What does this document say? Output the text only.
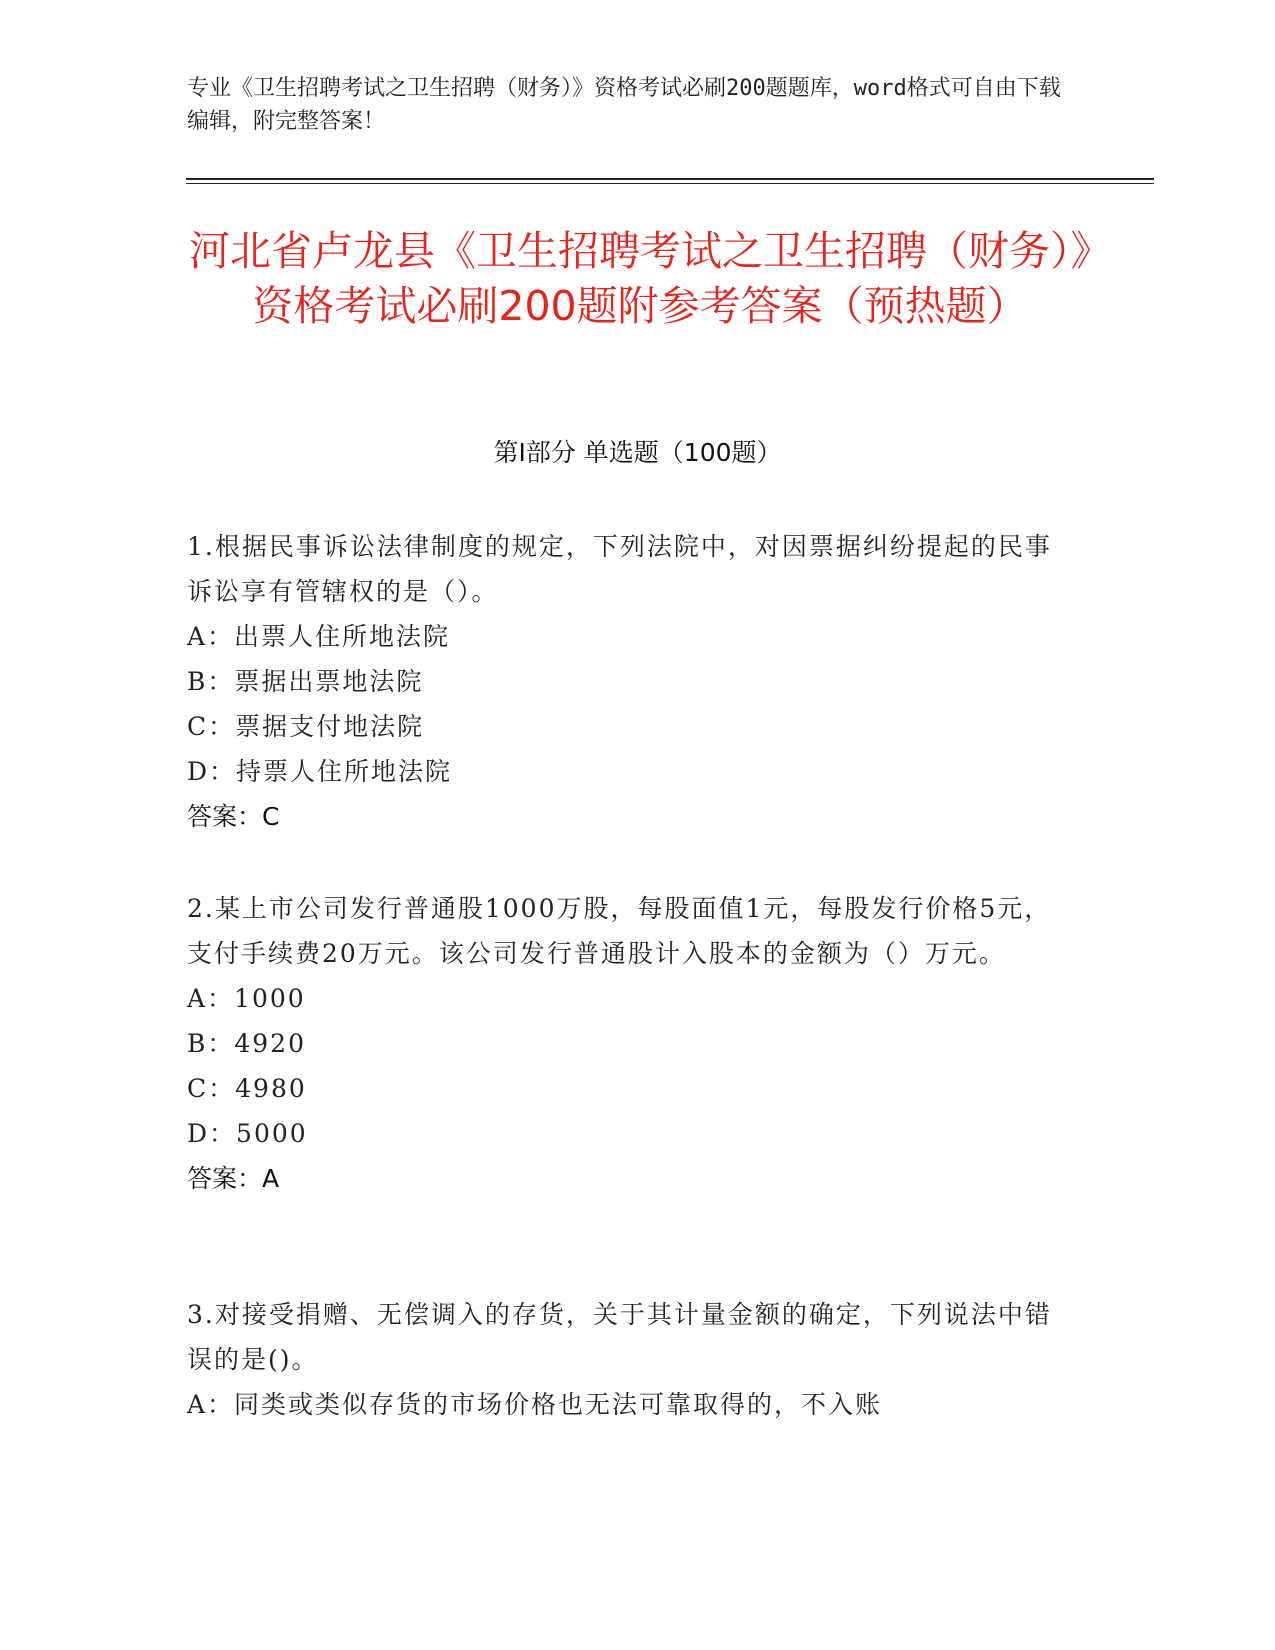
专业《卫生招聘考试之卫生招聘（财务）》资格考试必刷200题题库，word格式可自由下载编辑，附完整答案！
河北省卢龙县《卫生招聘考试之卫生招聘（财务）》资格考试必刷200题附参考答案（预热题）
第Ⅰ部分 单选题（100题）
1.根据民事诉讼法律制度的规定，下列法院中，对因票据纠纷提起的民事诉讼享有管辖权的是（）。
A：出票人住所地法院
B：票据出票地法院
C：票据支付地法院
D：持票人住所地法院
答案：C
2.某上市公司发行普通股1000万股，每股面值1元，每股发行价格5元，支付手续费20万元。该公司发行普通股计入股本的金额为（）万元。
A：1000
B：4920
C：4980
D：5000
答案：A
3.对接受捐赠、无偿调入的存货，关于其计量金额的确定，下列说法中错误的是()。
A：同类或类似存货的市场价格也无法可靠取得的，不入账
